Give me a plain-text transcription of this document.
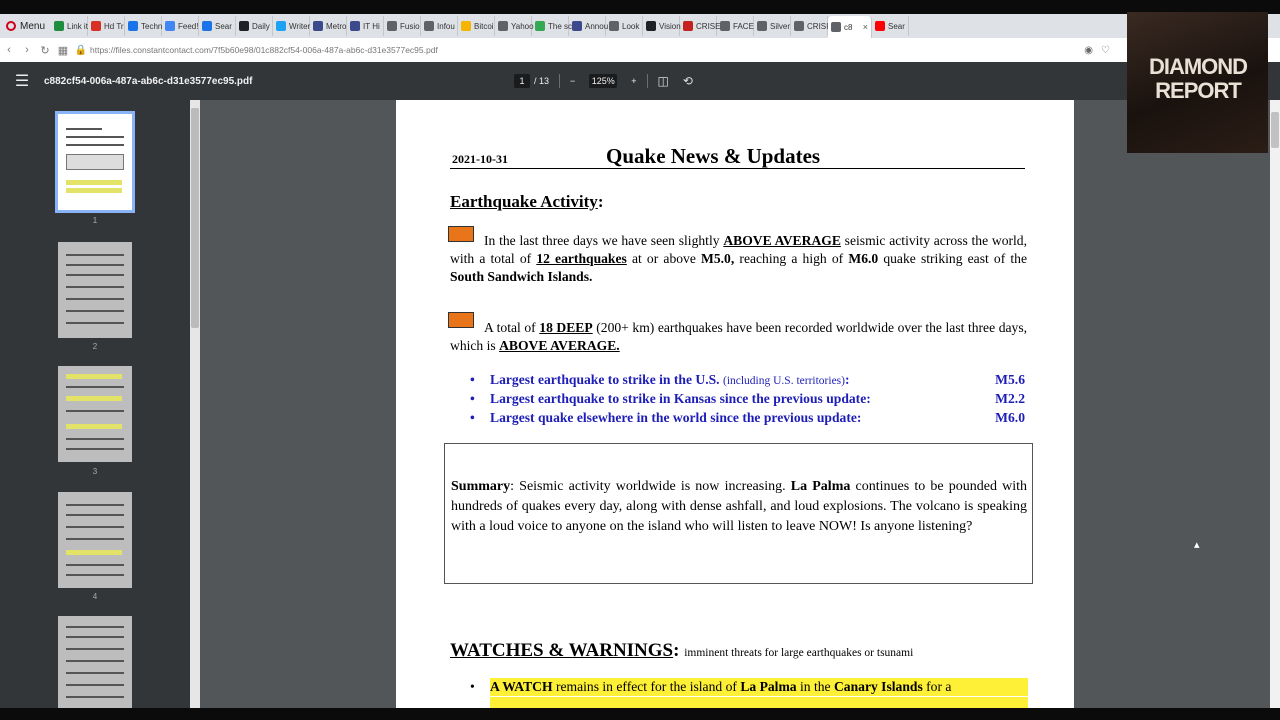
Menu	Link it Hd Tr Techn Feed! Sear	Daily Writer Metro IT Hi	Fusio Infou Bitcoi Yahoo The sc Annou Look Vision CRISE FACE Silver CRISI c8 ×	Sear
‹	›	↻ ▦ 🔒 https://files.constantcontact.com/7f5b60e98/01c882cf54-006a-487a-ab6c-d31e3577ec95.pdf	◉ ♡
☰	c882cf54-006a-487a-ab6c-d31e3577ec95.pdf	1	/ 13 − 125% + ◫ ⟲
1
2
3
4
2021-10-31	Quake News & Updates
Earthquake Activity:
In the last three days we have seen slightly ABOVE AVERAGE seismic activity across the world, with a total of 12 earthquakes at or above M5.0, reaching a high of M6.0 quake striking east of the South Sandwich Islands.
A total of 18 DEEP (200+ km) earthquakes have been recorded worldwide over the last three days, which is ABOVE AVERAGE.
• Largest earthquake to strike in the U.S. (including U.S. territories):	M5.6
• Largest earthquake to strike in Kansas since the previous update:	M2.2
• Largest quake elsewhere in the world since the previous update:	M6.0

Summary: Seismic activity worldwide is now increasing. La Palma continues to be pounded with hundreds of quakes every day, along with dense ashfall, and loud explosions. The volcano is speaking with a loud voice to anyone on the island who will listen to leave NOW! Is anyone listening?

WATCHES & WARNINGS: imminent threats for large earthquakes or tsunami
• A WATCH remains in effect for the island of La Palma in the Canary Islands for a
DIAMOND
REPORT
▴
